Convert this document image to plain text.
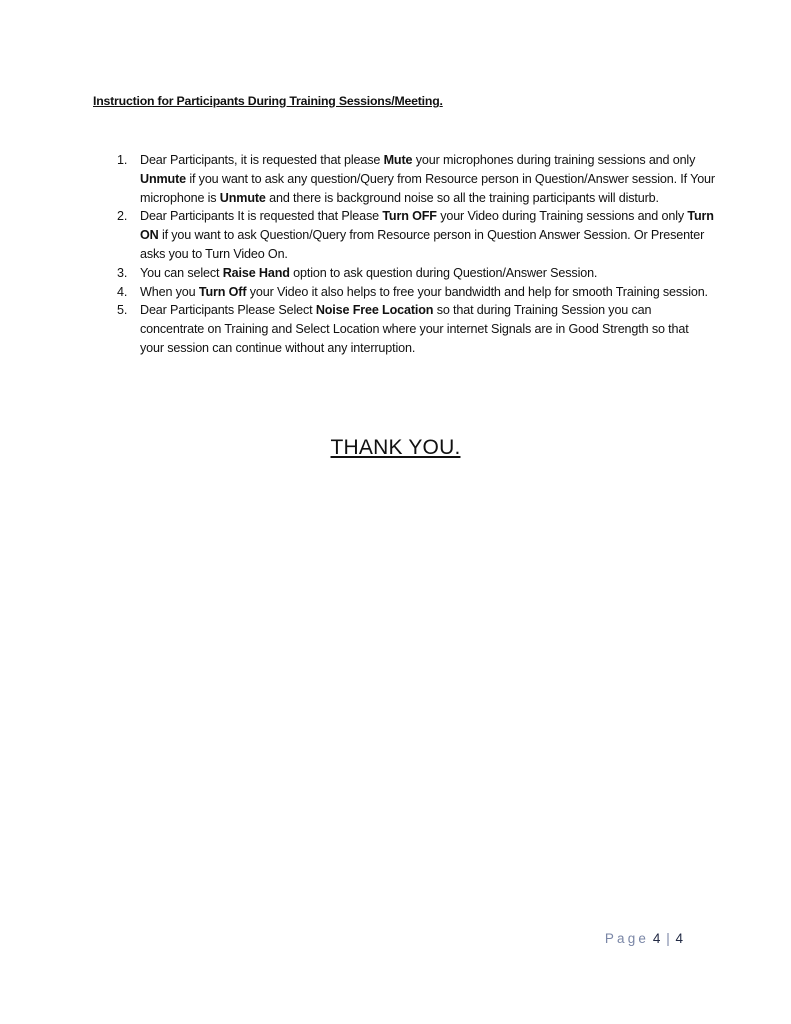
Instruction for Participants During Training Sessions/Meeting.
1. Dear Participants, it is requested that please Mute your microphones during training sessions and only Unmute if you want to ask any question/Query from Resource person in Question/Answer session. If Your microphone is Unmute and there is background noise so all the training participants will disturb.
2. Dear Participants It is requested that Please Turn OFF your Video during Training sessions and only Turn ON if you want to ask Question/Query from Resource person in Question Answer Session. Or Presenter asks you to Turn Video On.
3. You can select Raise Hand option to ask question during Question/Answer Session.
4. When you Turn Off your Video it also helps to free your bandwidth and help for smooth Training session.
5. Dear Participants Please Select Noise Free Location so that during Training Session you can concentrate on Training and Select Location where your internet Signals are in Good Strength so that your session can continue without any interruption.
THANK YOU.
Page 4 | 4
